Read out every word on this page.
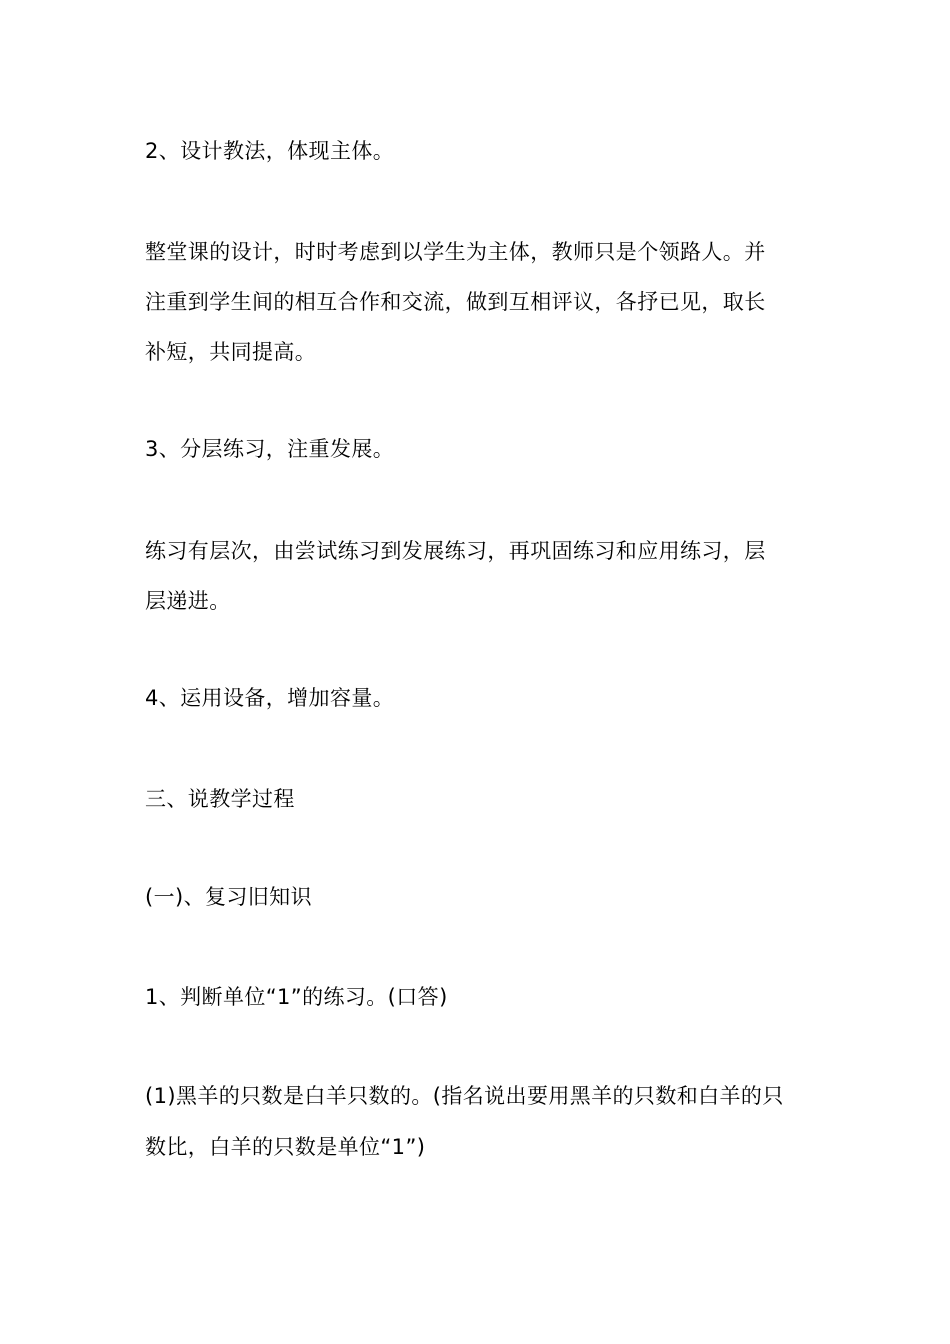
2、设计教法，体现主体。
整堂课的设计，时时考虑到以学生为主体，教师只是个领路人。并
注重到学生间的相互合作和交流，做到互相评议，各抒已见，取长
补短，共同提高。
3、分层练习，注重发展。
练习有层次，由尝试练习到发展练习，再巩固练习和应用练习，层
层递进。
4、运用设备，增加容量。
三、说教学过程
(一)、复习旧知识
1、判断单位“1”的练习。(口答)
(1)黑羊的只数是白羊只数的。(指名说出要用黑羊的只数和白羊的只
数比，白羊的只数是单位“1”)
